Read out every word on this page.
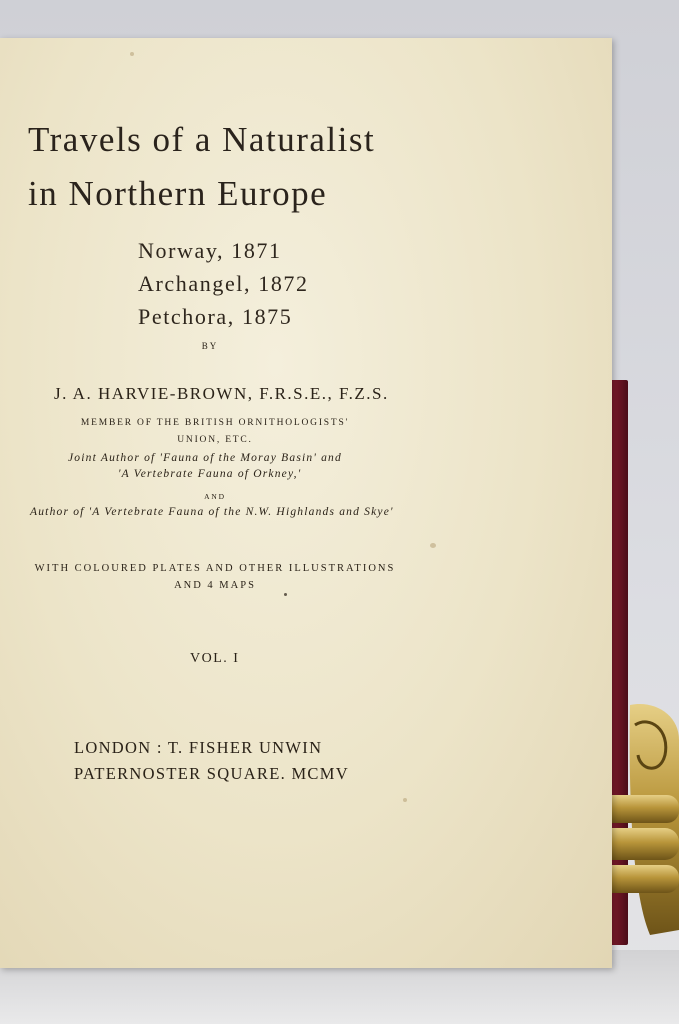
Travels of a Naturalist
in Northern Europe
Norway, 1871
Archangel, 1872
Petchora, 1875
BY
J. A. HARVIE-BROWN, F.R.S.E., F.Z.S.
MEMBER OF THE BRITISH ORNITHOLOGISTS'
UNION, ETC.
Joint Author of 'Fauna of the Moray Basin' and
'A Vertebrate Fauna of Orkney,'
AND
Author of 'A Vertebrate Fauna of the N.W. Highlands and Skye'
WITH COLOURED PLATES AND OTHER ILLUSTRATIONS
AND 4 MAPS
VOL. I
LONDON : T. FISHER UNWIN
PATERNOSTER SQUARE. MCMV
